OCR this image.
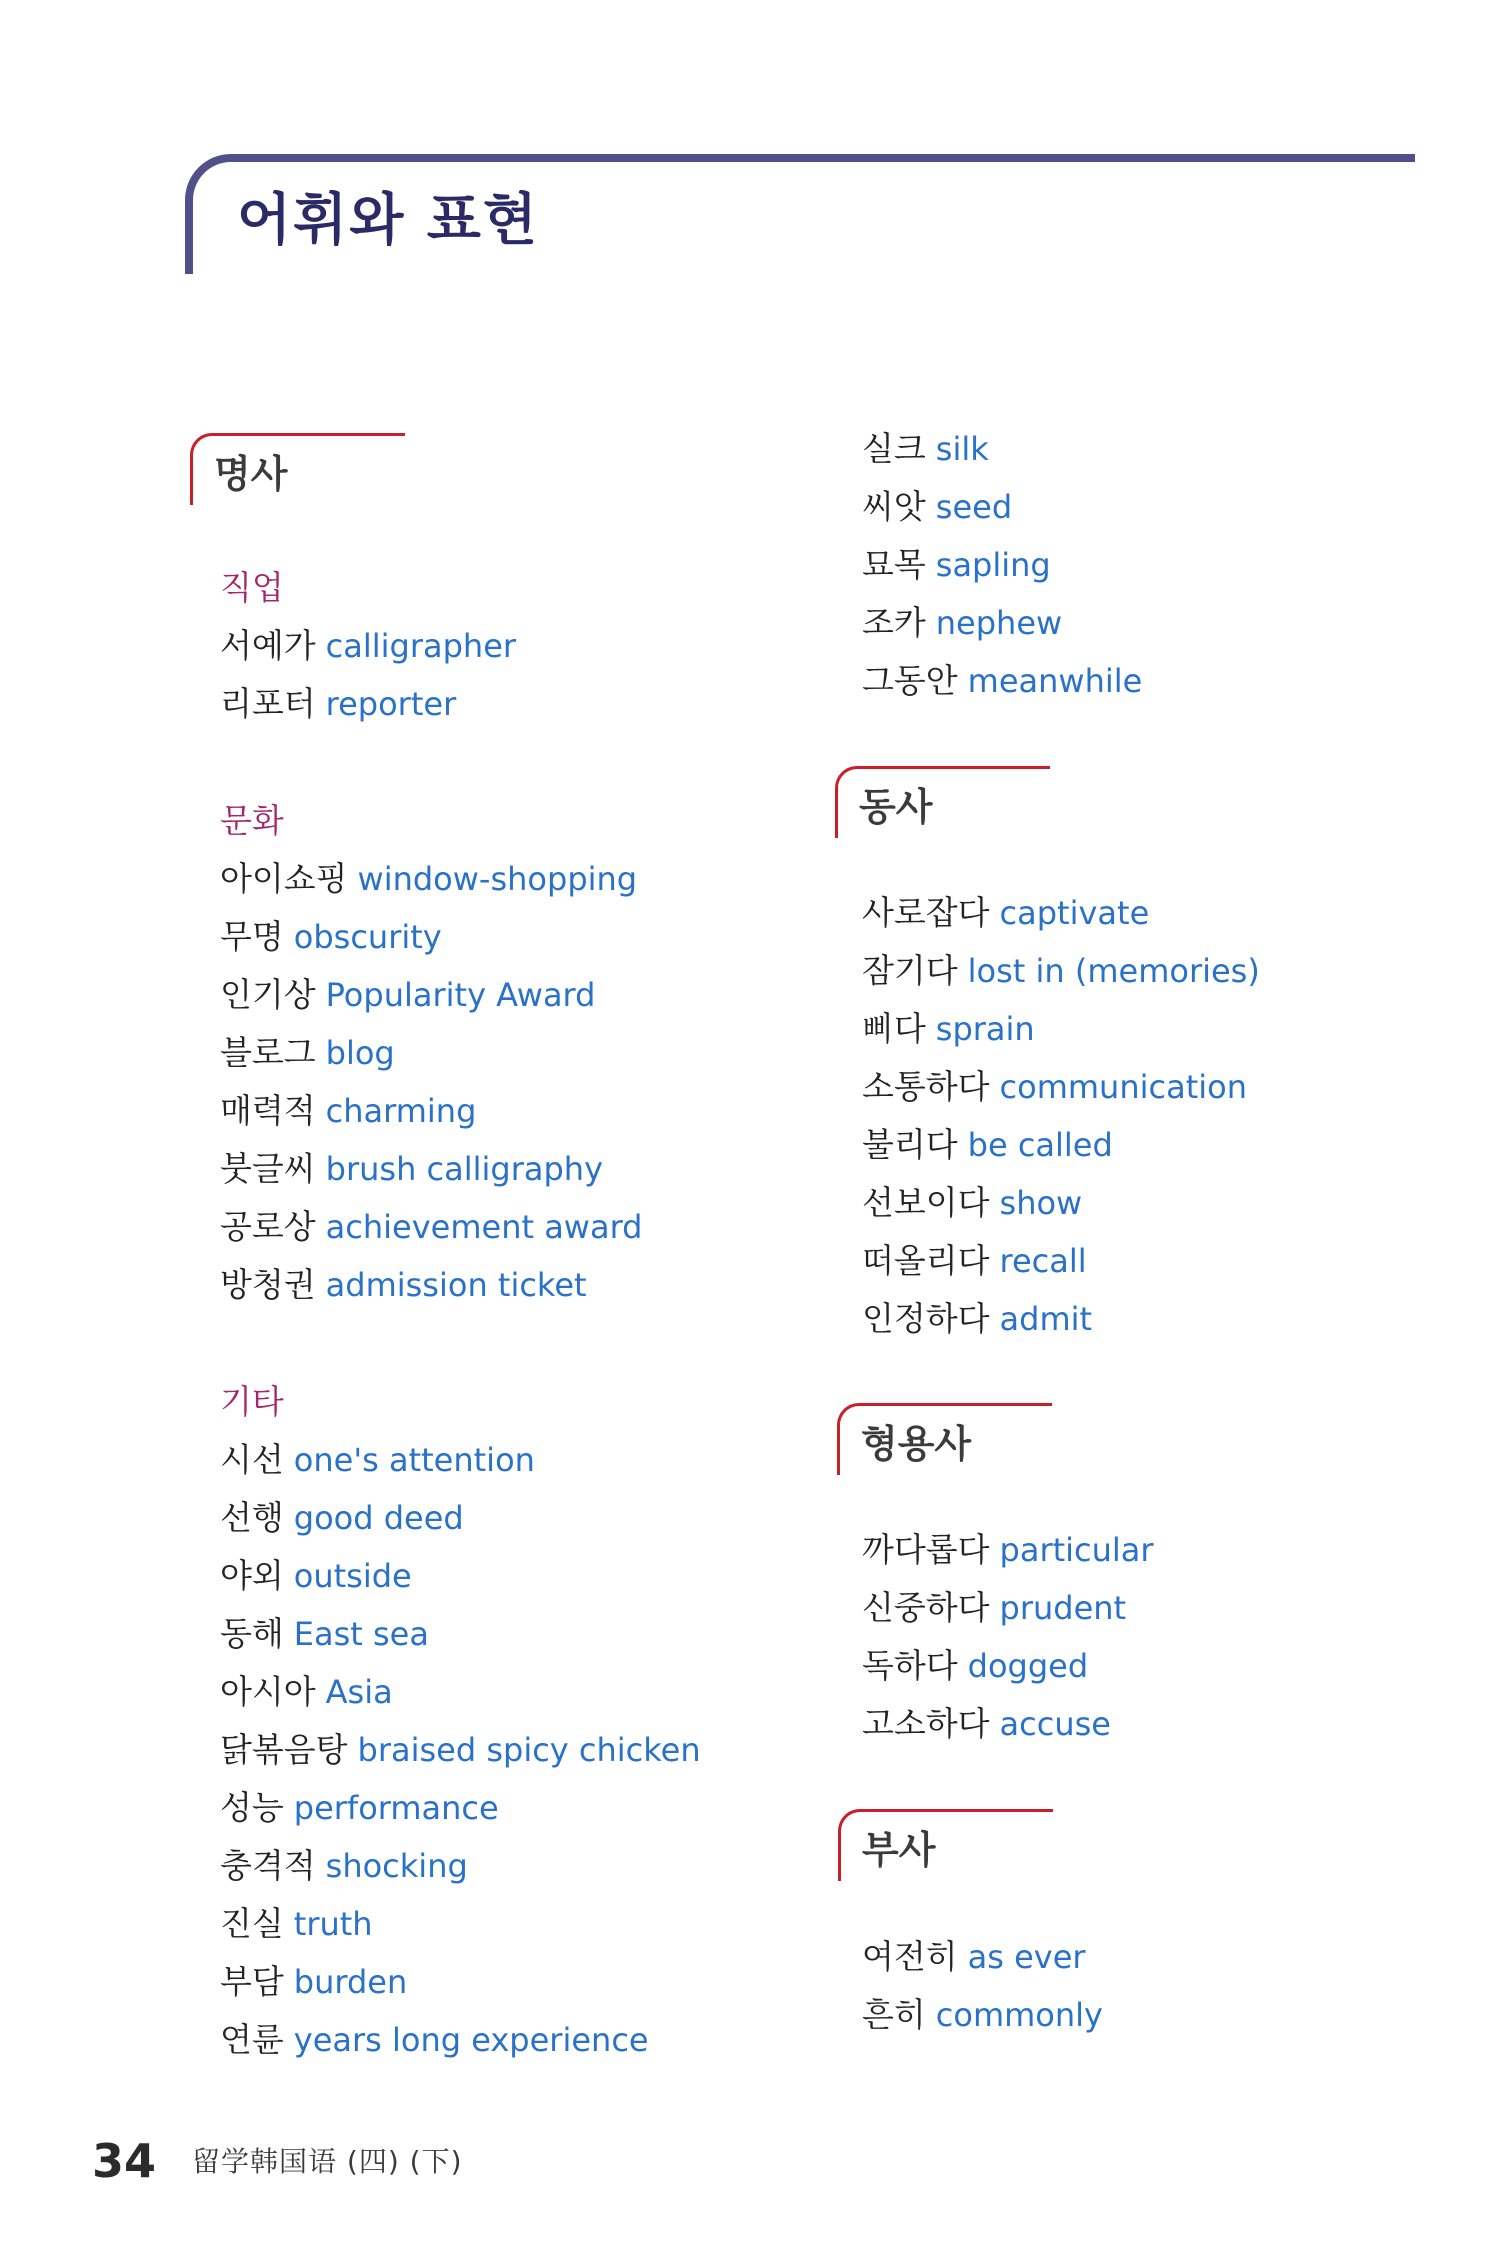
어휘와 표현
명사
직업
서예가 calligrapher
리포터 reporter
문화
아이쇼핑 window-shopping
무명 obscurity
인기상 Popularity Award
블로그 blog
매력적 charming
붓글씨 brush calligraphy
공로상 achievement award
방청권 admission ticket
기타
시선 one's attention
선행 good deed
야외 outside
동해 East sea
아시아 Asia
닭볶음탕 braised spicy chicken
성능 performance
충격적 shocking
진실 truth
부담 burden
연륜 years long experience
실크 silk
씨앗 seed
묘목 sapling
조카 nephew
그동안 meanwhile
동사
사로잡다 captivate
잠기다 lost in (memories)
삐다 sprain
소통하다 communication
불리다 be called
선보이다 show
떠올리다 recall
인정하다 admit
형용사
까다롭다 particular
신중하다 prudent
독하다 dogged
고소하다 accuse
부사
여전히 as ever
흔히 commonly
34 留学韩国语 (四) (下)
